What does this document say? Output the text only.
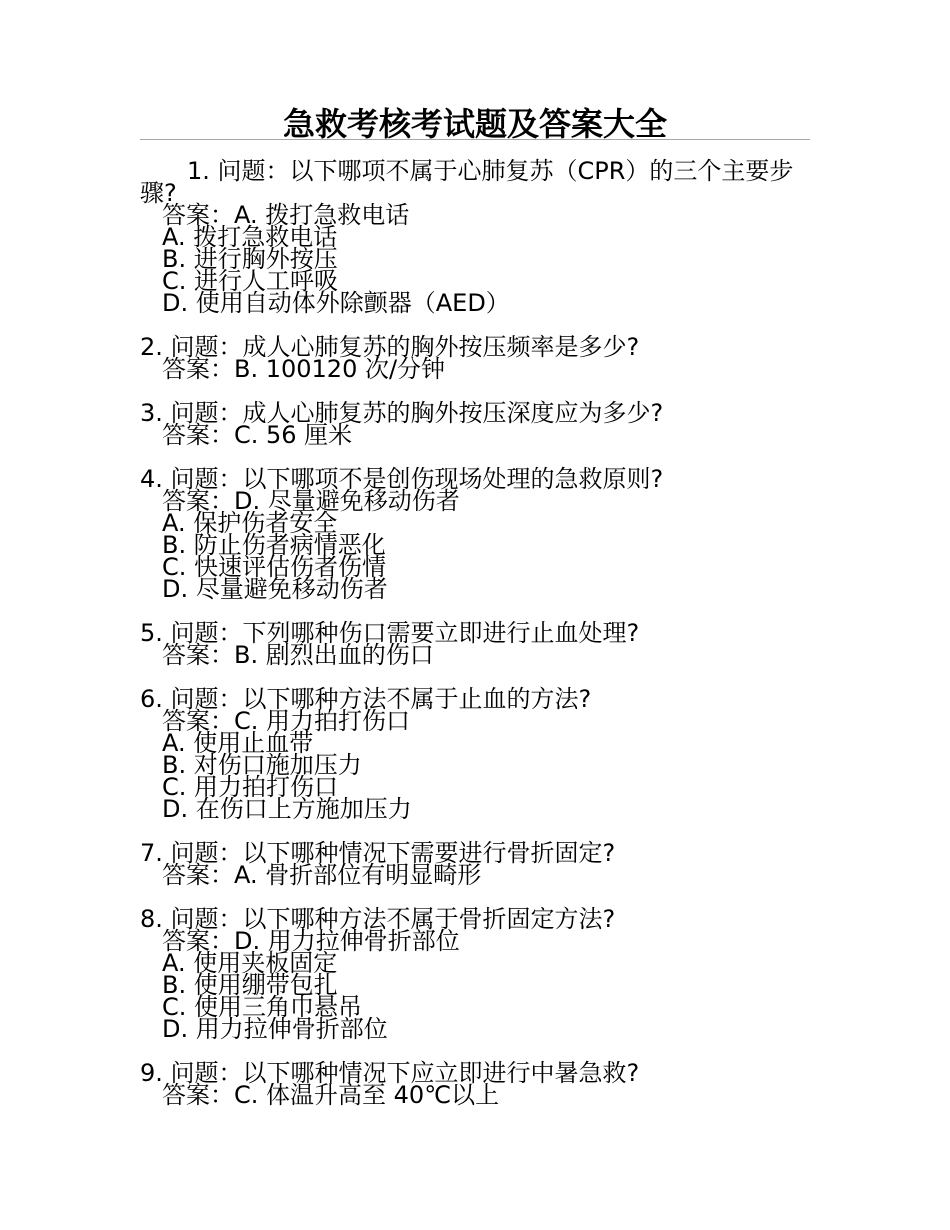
急救考核考试题及答案大全

1. 问题：以下哪项不属于心肺复苏（CPR）的三个主要步骤?

答案：A. 拨打急救电话

A. 拨打急救电话

B. 进行胸外按压

C. 进行人工呼吸

D. 使用自动体外除颤器（AED）

2. 问题：成人心肺复苏的胸外按压频率是多少?

答案：B. 100120 次/分钟

3. 问题：成人心肺复苏的胸外按压深度应为多少?

答案：C. 56 厘米

4. 问题：以下哪项不是创伤现场处理的急救原则?

答案：D. 尽量避免移动伤者

A. 保护伤者安全

B. 防止伤者病情恶化

C. 快速评估伤者伤情

D. 尽量避免移动伤者

5. 问题：下列哪种伤口需要立即进行止血处理?

答案：B. 剧烈出血的伤口

6. 问题：以下哪种方法不属于止血的方法?

答案：C. 用力拍打伤口

A. 使用止血带

B. 对伤口施加压力

C. 用力拍打伤口

D. 在伤口上方施加压力

7. 问题：以下哪种情况下需要进行骨折固定?

答案：A. 骨折部位有明显畸形

8. 问题：以下哪种方法不属于骨折固定方法?

答案：D. 用力拉伸骨折部位

A. 使用夹板固定

B. 使用绷带包扎

C. 使用三角巾悬吊

D. 用力拉伸骨折部位

9. 问题：以下哪种情况下应立即进行中暑急救?

答案：C. 体温升高至 40℃以上
